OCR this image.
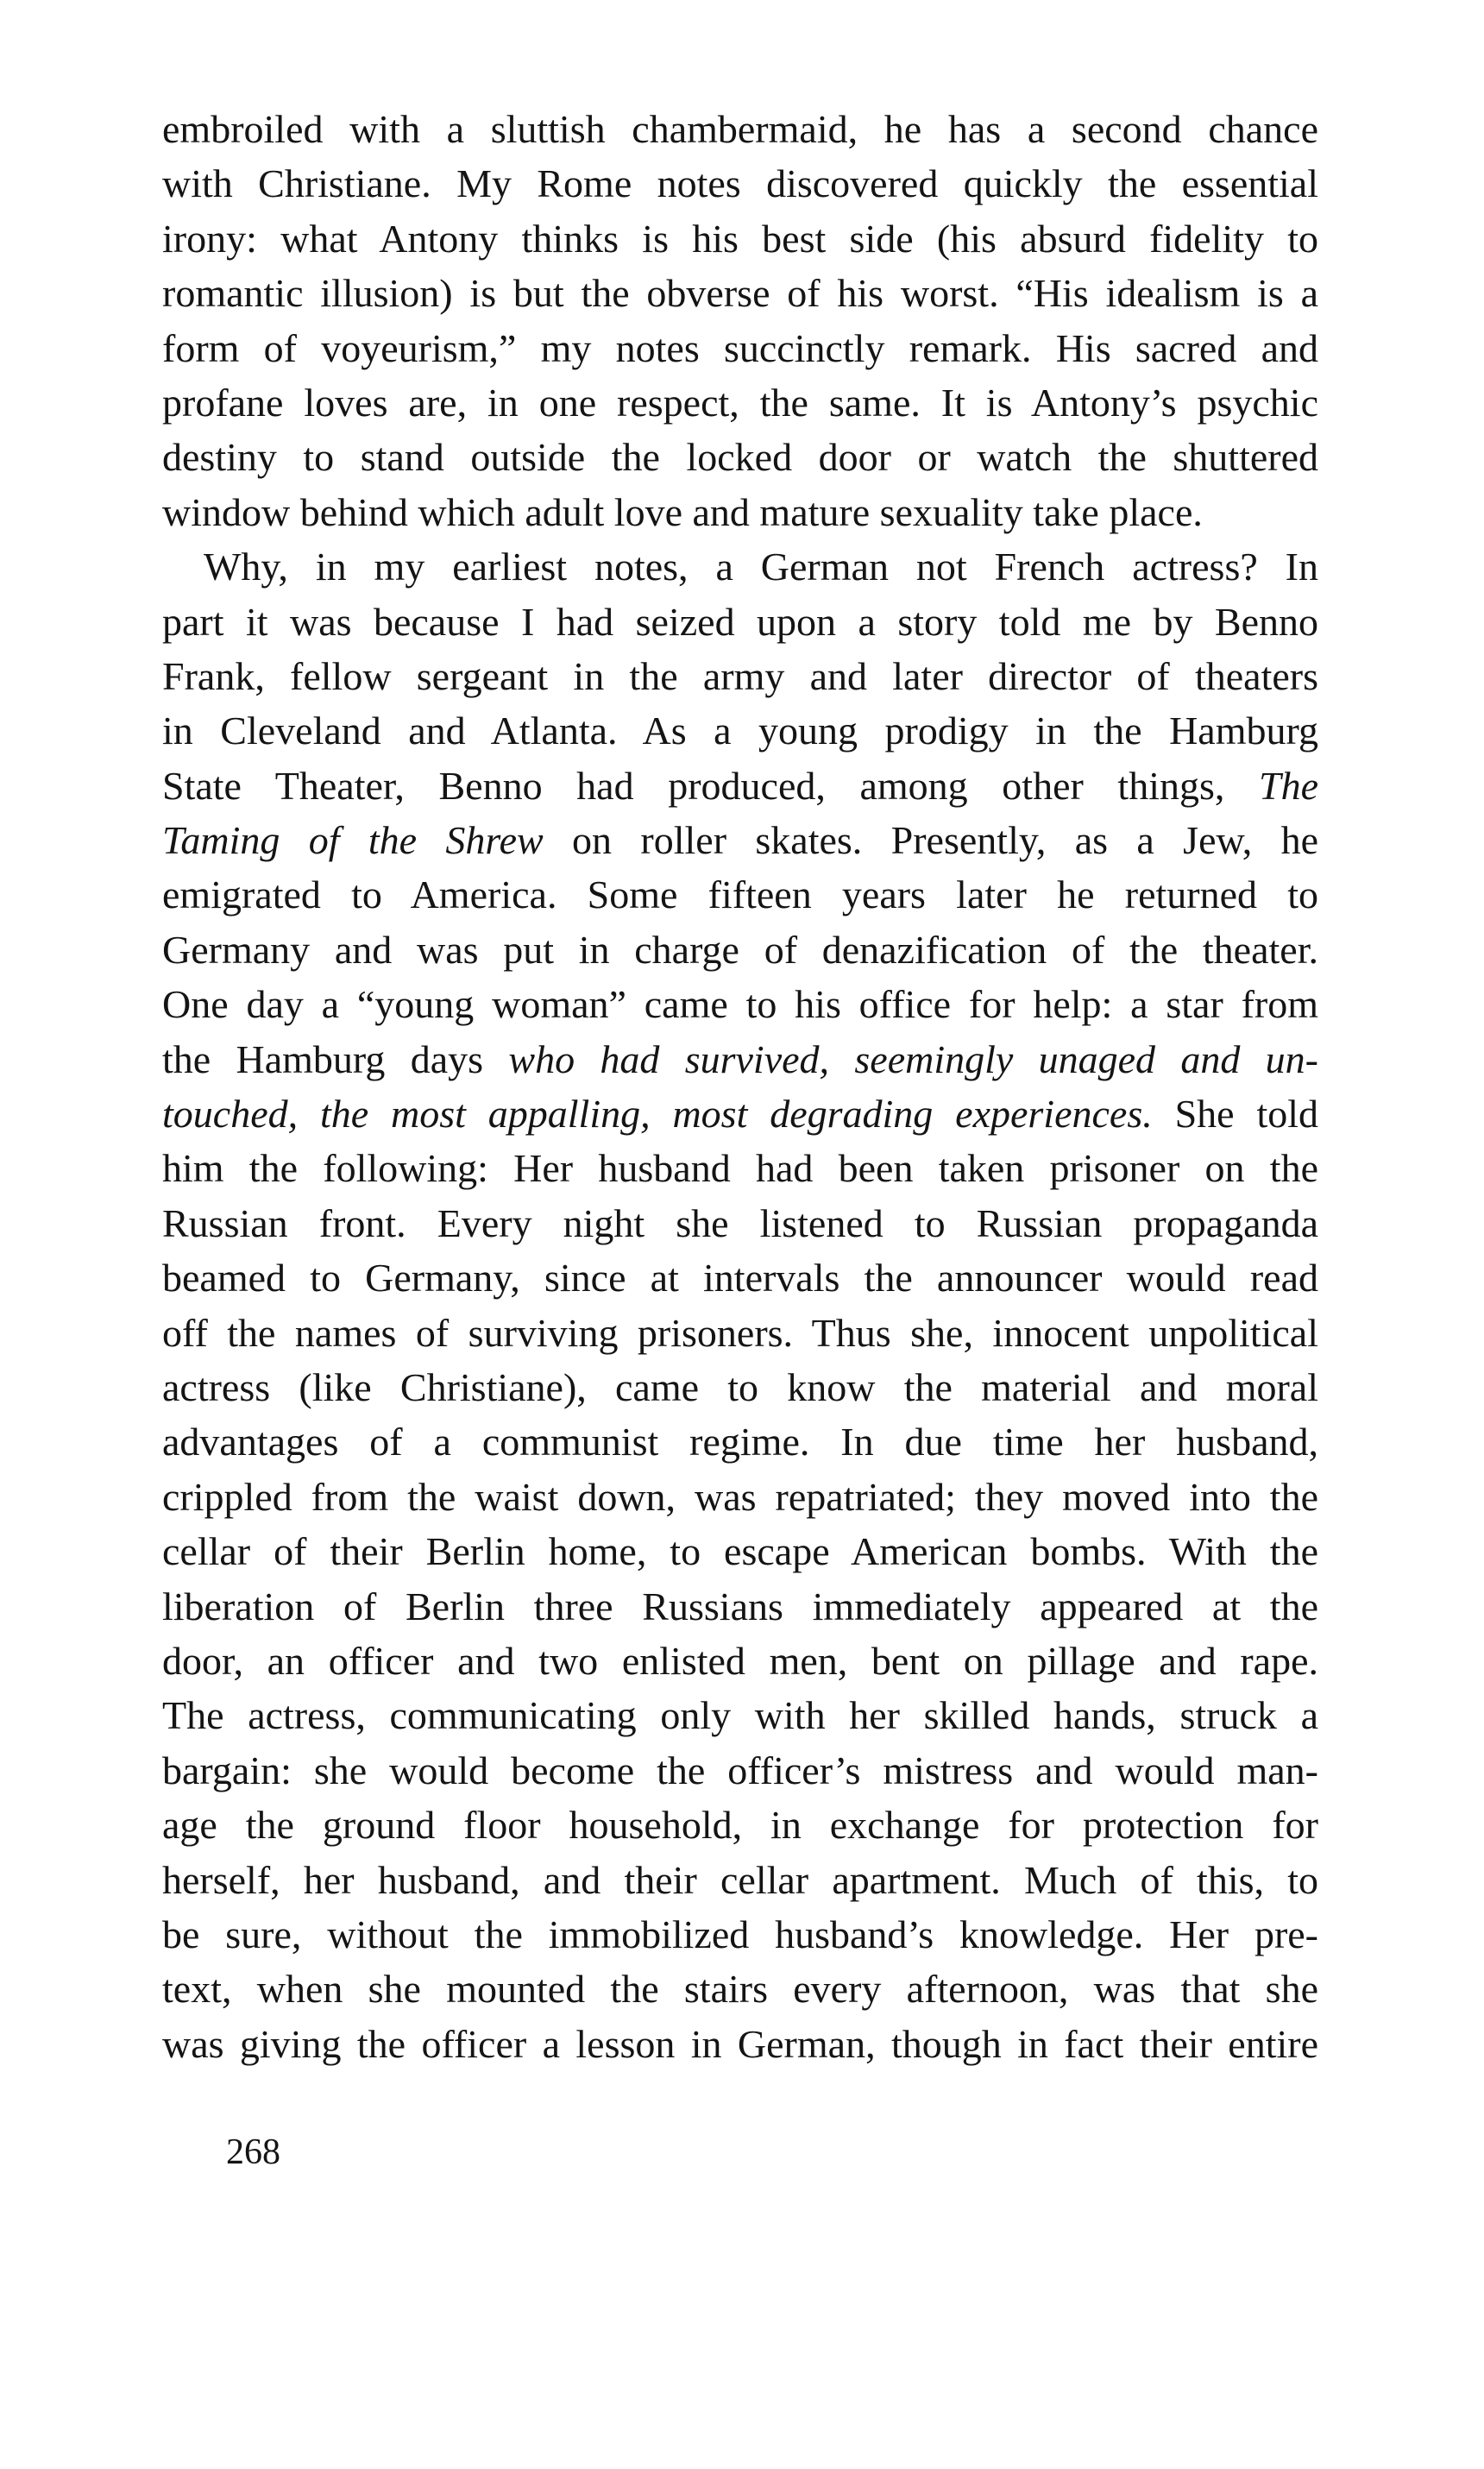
embroiled with a sluttish chambermaid, he has a second chance
with Christiane. My Rome notes discovered quickly the essential
irony: what Antony thinks is his best side (his absurd fidelity to
romantic illusion) is but the obverse of his worst. “His idealism is a
form of voyeurism,” my notes succinctly remark. His sacred and
profane loves are, in one respect, the same. It is Antony’s psychic
destiny to stand outside the locked door or watch the shuttered
window behind which adult love and mature sexuality take place.
Why, in my earliest notes, a German not French actress? In
part it was because I had seized upon a story told me by Benno
Frank, fellow sergeant in the army and later director of theaters
in Cleveland and Atlanta. As a young prodigy in the Hamburg
State Theater, Benno had produced, among other things, The
Taming of the Shrew on roller skates. Presently, as a Jew, he
emigrated to America. Some fifteen years later he returned to
Germany and was put in charge of denazification of the theater.
One day a “young woman” came to his office for help: a star from
the Hamburg days who had survived, seemingly unaged and un-
touched, the most appalling, most degrading experiences. She told
him the following: Her husband had been taken prisoner on the
Russian front. Every night she listened to Russian propaganda
beamed to Germany, since at intervals the announcer would read
off the names of surviving prisoners. Thus she, innocent unpolitical
actress (like Christiane), came to know the material and moral
advantages of a communist regime. In due time her husband,
crippled from the waist down, was repatriated; they moved into the
cellar of their Berlin home, to escape American bombs. With the
liberation of Berlin three Russians immediately appeared at the
door, an officer and two enlisted men, bent on pillage and rape.
The actress, communicating only with her skilled hands, struck a
bargain: she would become the officer’s mistress and would man-
age the ground floor household, in exchange for protection for
herself, her husband, and their cellar apartment. Much of this, to
be sure, without the immobilized husband’s knowledge. Her pre-
text, when she mounted the stairs every afternoon, was that she
was giving the officer a lesson in German, though in fact their entire
268
